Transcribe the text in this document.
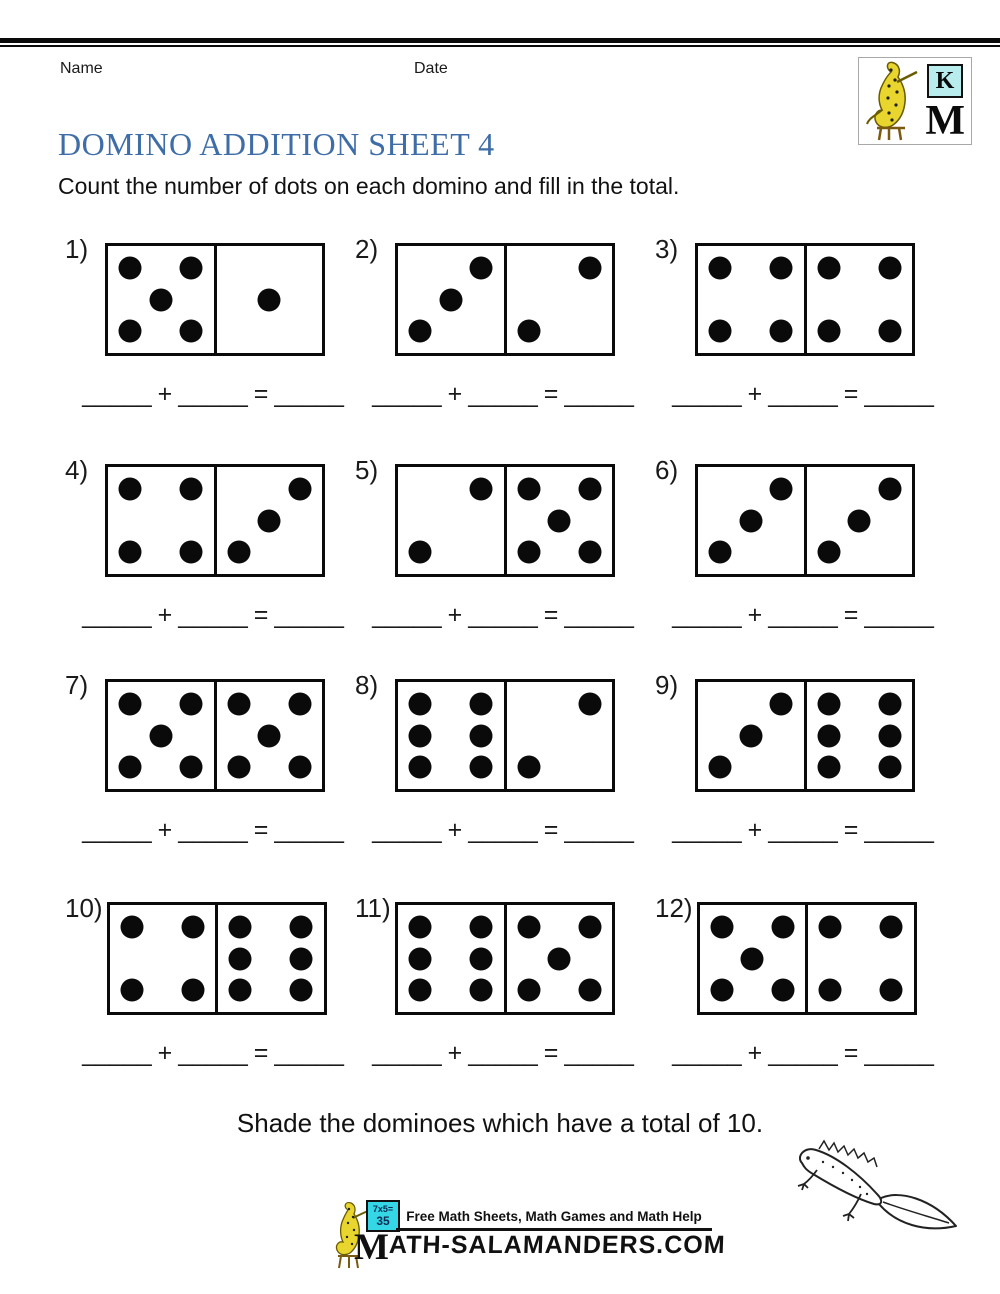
Name	Date	K
M
DOMINO ADDITION SHEET 4
Count the number of dots on each domino and fill in the total.
1)
_____ + _____ = _____
2)
_____ + _____ = _____
3)
_____ + _____ = _____
4)
_____ + _____ = _____
5)
_____ + _____ = _____
6)
_____ + _____ = _____
7)
_____ + _____ = _____
8)
_____ + _____ = _____
9)
_____ + _____ = _____
10)
_____ + _____ = _____
11)
_____ + _____ = _____
12)
_____ + _____ = _____
Shade the dominoes which have a total of 10.
7x5=
35	Free Math Sheets, Math Games and Math Help
MATH-SALAMANDERS.COM
